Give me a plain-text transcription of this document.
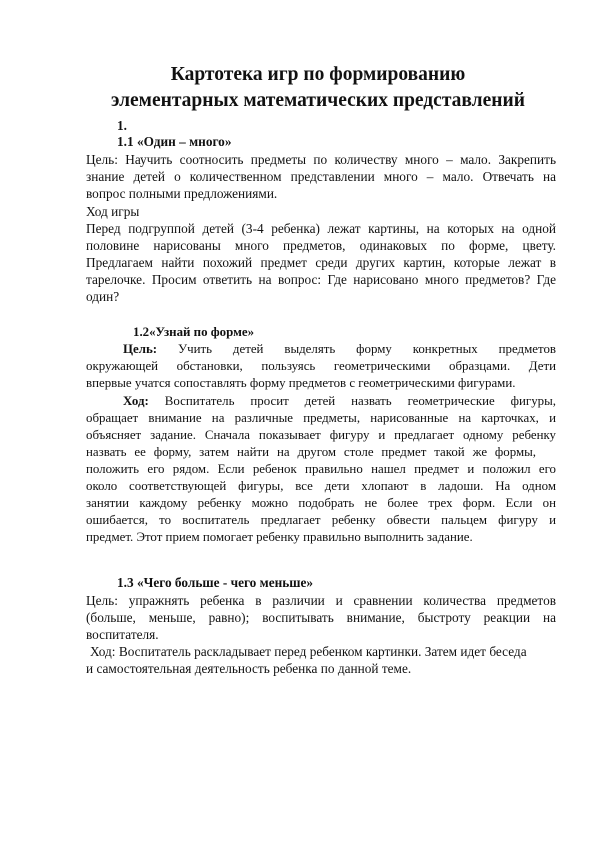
Картотека игр по формированию
элементарных математических представлений
1.
1.1 «Один – много»
Цель: Научить соотносить предметы по количеству много – мало. Закрепить
знание детей о количественном представлении много – мало. Отвечать на
вопрос полными предложениями.
Ход игры
Перед подгруппой детей (3-4 ребенка) лежат картины, на которых на одной
половине нарисованы много предметов, одинаковых по форме, цвету.
Предлагаем найти похожий предмет среди других картин, которые лежат в
тарелочке. Просим ответить на вопрос: Где нарисовано много предметов? Где
один?
1.2«Узнай по форме»
Цель: Учить детей выделять форму конкретных предметов
окружающей обстановки, пользуясь геометрическими образцами. Дети
впервые учатся сопоставлять форму предметов с геометрическими фигурами.
Ход: Воспитатель просит детей назвать геометрические фигуры,
обращает внимание на различные предметы, нарисованные на карточках, и
объясняет задание. Сначала показывает фигуру и предлагает одному ребенку
назвать ее форму, затем найти на другом столе предмет такой же формы,
положить его рядом. Если ребенок правильно нашел предмет и положил его
около соответствующей фигуры, все дети хлопают в ладоши. На одном
занятии каждому ребенку можно подобрать не более трех форм. Если он
ошибается, то воспитатель предлагает ребенку обвести пальцем фигуру и
предмет. Этот прием помогает ребенку правильно выполнить задание.
1.3 «Чего больше - чего меньше»
Цель: упражнять ребенка в различии и сравнении количества предметов
(больше, меньше, равно); воспитывать внимание, быстроту реакции на
воспитателя.
Ход: Воспитатель раскладывает перед ребенком картинки. Затем идет беседа
и самостоятельная деятельность ребенка по данной теме.
